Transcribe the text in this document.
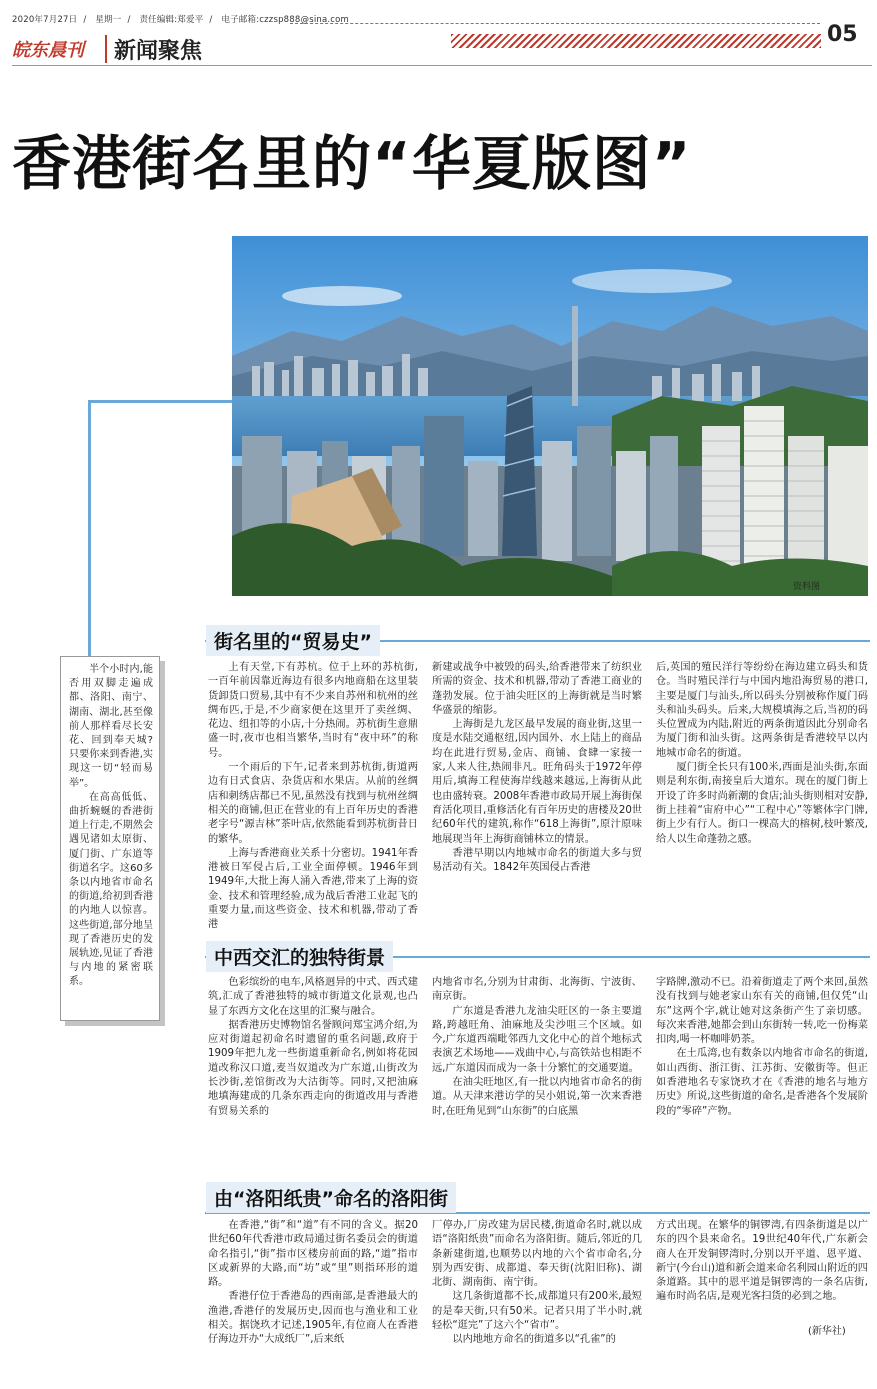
2020年7月27日 / 星期一 / 责任编辑:郑爱平 / 电子邮箱:czzsp888@sina.com
05
皖东晨刊 新闻聚焦
香港街名里的“华夏版图”
资料图

半个小时内,能否用双脚走遍成都、洛阳、南宁、湖南、湖北,甚至像前人那样看尽长安花、回到奉天城?只要你来到香港,实现这一切“轻而易举”。

在高高低低、曲折蜿蜒的香港街道上行走,不期然会遇见诸如太原街、厦门街、广东道等街道名字。这60多条以内地省市命名的街道,给初到香港的内地人以惊喜。这些街道,部分地呈现了香港历史的发展轨迹,见证了香港与内地的紧密联系。

街名里的“贸易史”

上有天堂,下有苏杭。位于上环的苏杭街,一百年前因靠近海边有很多内地商船在这里装货卸货口贸易,其中有不少来自苏州和杭州的丝绸布匹,于是,不少商家便在这里开了卖丝绸、花边、纽扣等的小店,十分热闹。苏杭街生意鼎盛一时,夜市也相当繁华,当时有“夜中环”的称号。

一个雨后的下午,记者来到苏杭街,街道两边有日式食店、杂货店和水果店。从前的丝绸店和刺绣店都已不见,虽然没有找到与杭州丝绸相关的商铺,但正在营业的有上百年历史的香港老字号“源吉林”茶叶店,依然能看到苏杭街昔日的繁华。

上海与香港商业关系十分密切。1941年香港被日军侵占后,工业全面停顿。1946年到1949年,大批上海人涌入香港,带来了上海的资金、技术和管理经验,成为战后香港工业起飞的重要力量,而这些资金、技术和机器,带动了香港

新建或战争中被毁的码头,给香港带来了纺织业所需的资金、技术和机器,带动了香港工商业的蓬勃发展。位于油尖旺区的上海街就是当时繁华盛景的缩影。

上海街是九龙区最早发展的商业街,这里一度是水陆交通枢纽,因内国外、水上陆上的商品均在此进行贸易,金店、商铺、食肆一家接一家,人来人往,热闹非凡。旺角码头于1972年停用后,填海工程使海岸线越来越远,上海街从此也由盛转衰。2008年香港市政局开展上海街保育活化项目,重修活化有百年历史的唐楼及20世纪60年代的建筑,称作“618上海街”,原汁原味地展现当年上海街商铺林立的情景。

香港早期以内地城市命名的街道大多与贸易活动有关。1842年英国侵占香港

后,英国的殖民洋行等纷纷在海边建立码头和货仓。当时殖民洋行与中国内地沿海贸易的港口,主要是厦门与汕头,所以码头分别被称作厦门码头和汕头码头。后来,大规模填海之后,当初的码头位置成为内陆,附近的两条街道因此分别命名为厦门街和汕头街。这两条街是香港较早以内地城市命名的街道。

厦门街全长只有100米,西面是汕头街,东面则是利东街,南接皇后大道东。现在的厦门街上开设了许多时尚新潮的食店;汕头街则相对安静,街上挂着“宙府中心”“工程中心”等繁体字门牌,街上少有行人。街口一棵高大的榕树,枝叶繁茂,给人以生命蓬勃之感。

中西交汇的独特街景

色彩缤纷的电车,风格迥异的中式、西式建筑,汇成了香港独特的城市街道文化景观,也凸显了东西方文化在这里的汇聚与融合。

据香港历史博物馆名誉顾问郑宝鸿介绍,为应对街道起初命名时遗留的重名问题,政府于1909年把九龙一些街道重新命名,例如将花园道改称汉口道,麦当奴道改为广东道,山街改为长沙街,差馆街改为大沽街等。同时,又把油麻地填海建成的几条东西走向的街道改用与香港有贸易关系的

内地省市名,分别为甘肃街、北海街、宁波街、南京街。

广东道是香港九龙油尖旺区的一条主要道路,跨越旺角、油麻地及尖沙咀三个区域。如今,广东道西端毗邻西九文化中心的首个地标式表演艺术场地——戏曲中心,与高铁站也相距不远,广东道因而成为一条十分繁忙的交通要道。

在油尖旺地区,有一批以内地省市命名的街道。从天津来港访学的吴小姐说,第一次来香港时,在旺角见到“山东街”的白底黑

字路牌,激动不已。沿着街道走了两个来回,虽然没有找到与她老家山东有关的商铺,但仅凭“山东”这两个字,就让她对这条街产生了亲切感。每次来香港,她都会到山东街转一转,吃一份梅菜扣肉,喝一杯咖啡奶茶。

在土瓜湾,也有数条以内地省市命名的街道,如山西街、浙江街、江苏街、安徽街等。但正如香港地名专家饶玖才在《香港的地名与地方历史》所说,这些街道的命名,是香港各个发展阶段的“零碎”产物。

由“洛阳纸贵”命名的洛阳街

在香港,“街”和“道”有不同的含义。据20世纪60年代香港市政局通过街名委员会的街道命名指引,“街”指市区楼房前面的路,“道”指市区或新界的大路,而“坊”或“里”则指环形的道路。

香港仔位于香港岛的西南部,是香港最大的渔港,香港仔的发展历史,因而也与渔业和工业相关。据饶玖才记述,1905年,有位商人在香港仔海边开办“大成纸厂”,后来纸

厂停办,厂房改建为居民楼,街道命名时,就以成语“洛阳纸贵”而命名为洛阳街。随后,邻近的几条新建街道,也顺势以内地的六个省市命名,分别为西安街、成都道、奉天街(沈阳旧称)、湖北街、湖南街、南宁街。

这几条街道都不长,成都道只有200米,最短的是奉天街,只有50米。记者只用了半小时,就轻松“逛完”了这六个“省市”。

以内地地方命名的街道多以“孔雀”的

方式出现。在繁华的铜锣湾,有四条街道是以广东的四个县来命名。19世纪40年代,广东新会商人在开发铜锣湾时,分别以开平道、恩平道、新宁(今台山)道和新会道来命名利园山附近的四条道路。其中的恩平道是铜锣湾的一条名店街,遍布时尚名店,是观光客扫货的必到之地。

(新华社)
